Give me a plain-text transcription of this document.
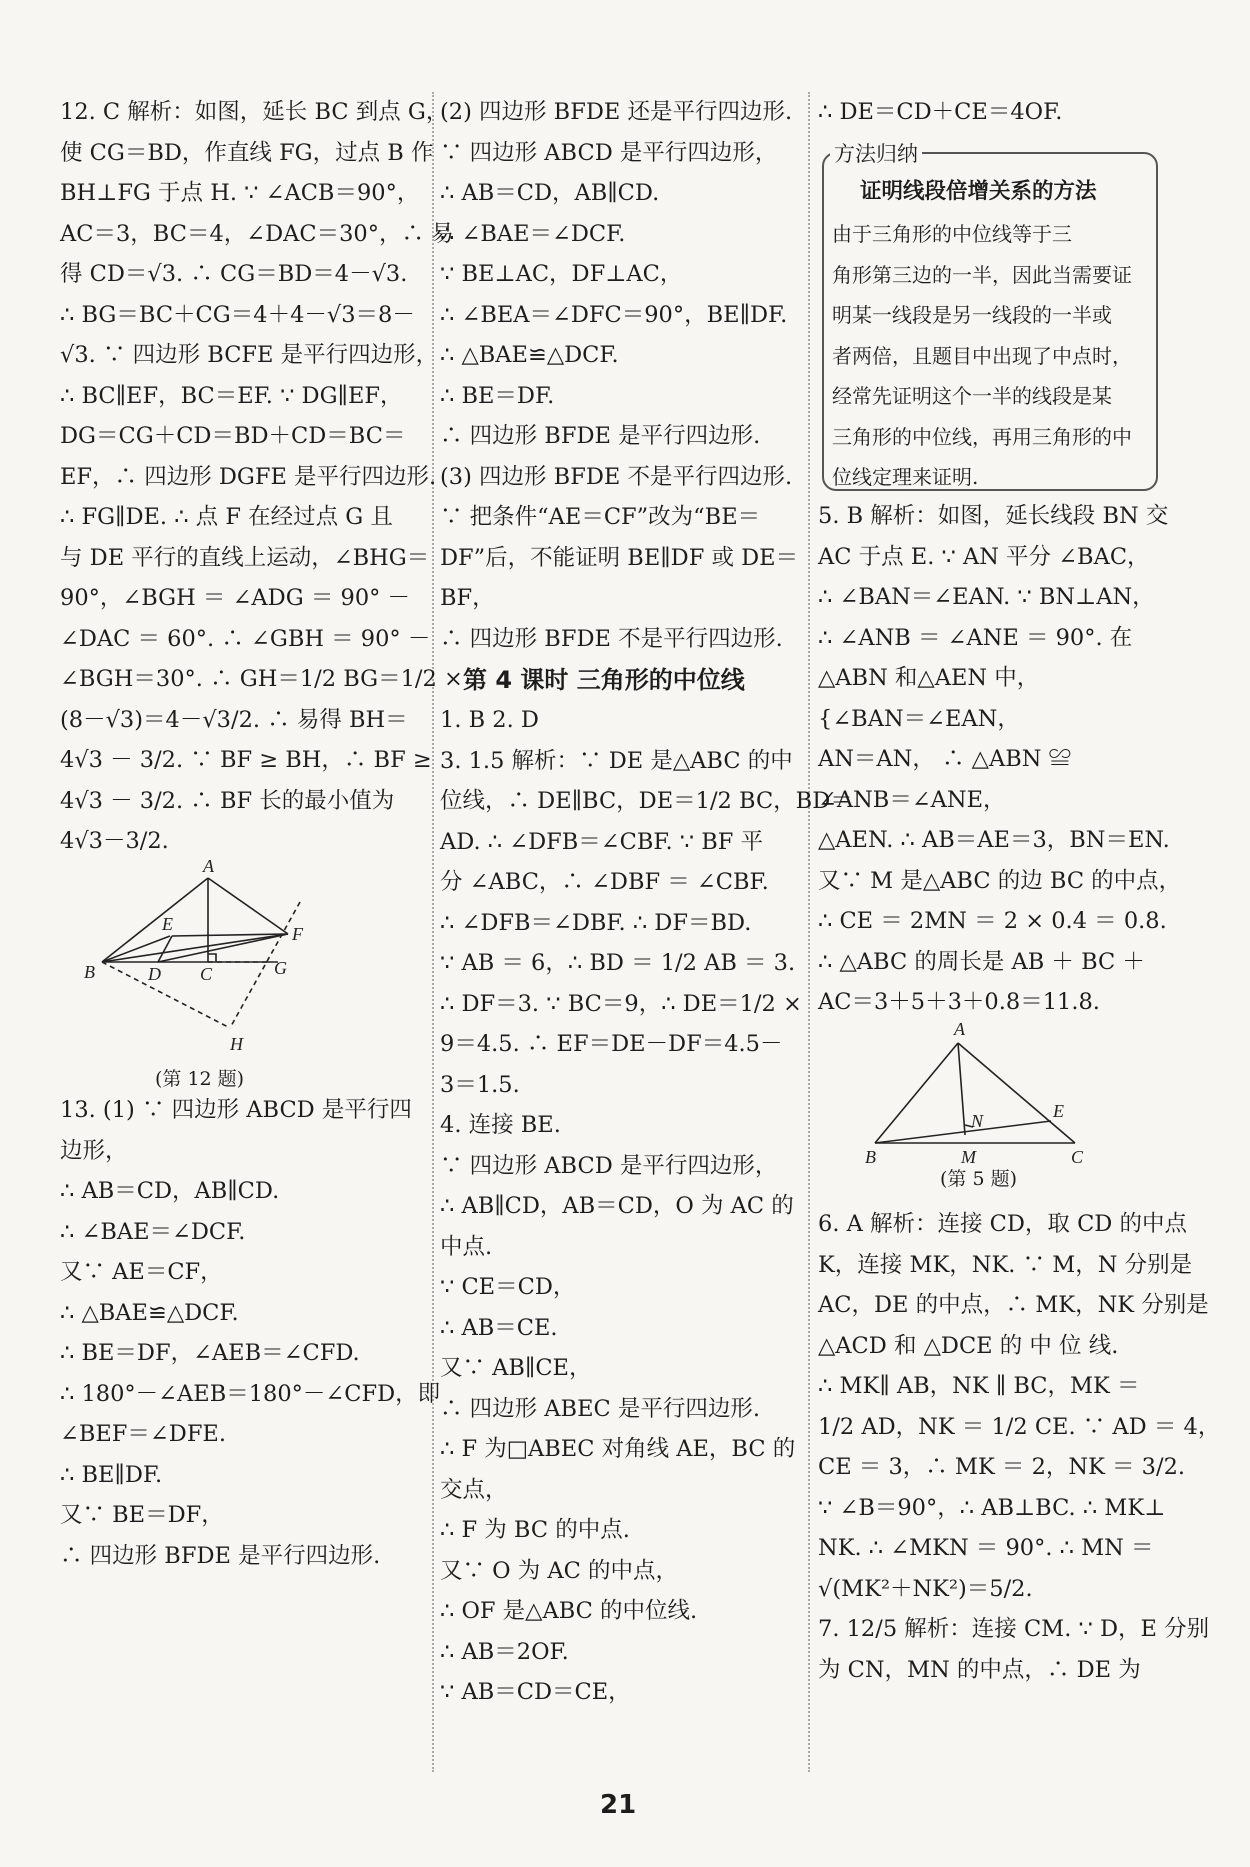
12. C 解析：如图，延长 BC 到点 G，

使 CG＝BD，作直线 FG，过点 B 作

BH⊥FG 于点 H. ∵ ∠ACB＝90°，

AC＝3，BC＝4，∠DAC＝30°，∴ 易

得 CD＝√3. ∴ CG＝BD＝4－√3.

∴ BG＝BC＋CG＝4＋4－√3＝8－

√3. ∵ 四边形 BCFE 是平行四边形，

∴ BC∥EF，BC＝EF. ∵ DG∥EF，

DG＝CG＋CD＝BD＋CD＝BC＝

EF，∴ 四边形 DGFE 是平行四边形.

∴ FG∥DE. ∴ 点 F 在经过点 G 且

与 DE 平行的直线上运动，∠BHG＝

90°，∠BGH ＝ ∠ADG ＝ 90° －

∠DAC ＝ 60°. ∴ ∠GBH ＝ 90° －

∠BGH＝30°. ∴ GH＝1/2 BG＝1/2 ×

(8－√3)＝4－√3/2. ∴ 易得 BH＝

4√3 － 3/2. ∵ BF ≥ BH，∴ BF ≥

4√3 － 3/2. ∴ BF 长的最小值为

4√3－3/2.

A
E	F
B	D C	G
H
(第 12 题)

13. (1) ∵ 四边形 ABCD 是平行四

边形，

∴ AB＝CD，AB∥CD.

∴ ∠BAE＝∠DCF.

又∵ AE＝CF，

∴ △BAE≌△DCF.

∴ BE＝DF，∠AEB＝∠CFD.

∴ 180°－∠AEB＝180°－∠CFD，即

∠BEF＝∠DFE.

∴ BE∥DF.

又∵ BE＝DF，

∴ 四边形 BFDE 是平行四边形.

(2) 四边形 BFDE 还是平行四边形.

∵ 四边形 ABCD 是平行四边形，

∴ AB＝CD，AB∥CD.

∴ ∠BAE＝∠DCF.

∵ BE⊥AC，DF⊥AC，

∴ ∠BEA＝∠DFC＝90°，BE∥DF.

∴ △BAE≌△DCF.

∴ BE＝DF.

∴ 四边形 BFDE 是平行四边形.

(3) 四边形 BFDE 不是平行四边形.

∵ 把条件“AE＝CF”改为“BE＝

DF”后，不能证明 BE∥DF 或 DE＝

BF，

∴ 四边形 BFDE 不是平行四边形.

第 4 课时 三角形的中位线

1. B 2. D

3. 1.5 解析：∵ DE 是△ABC 的中

位线，∴ DE∥BC，DE＝1/2 BC，BD＝

AD. ∴ ∠DFB＝∠CBF. ∵ BF 平

分 ∠ABC，∴ ∠DBF ＝ ∠CBF.

∴ ∠DFB＝∠DBF. ∴ DF＝BD.

∵ AB ＝ 6，∴ BD ＝ 1/2 AB ＝ 3.

∴ DF＝3. ∵ BC＝9，∴ DE＝1/2 ×

9＝4.5. ∴ EF＝DE－DF＝4.5－

3＝1.5.

4. 连接 BE.

∵ 四边形 ABCD 是平行四边形，

∴ AB∥CD，AB＝CD，O 为 AC 的

中点.

∵ CE＝CD，

∴ AB＝CE.

又∵ AB∥CE，

∴ 四边形 ABEC 是平行四边形.

∴ F 为□ABEC 对角线 AE，BC 的

交点，

∴ F 为 BC 的中点.

又∵ O 为 AC 的中点，

∴ OF 是△ABC 的中位线.

∴ AB＝2OF.

∵ AB＝CD＝CE，

∴ DE＝CD＋CE＝4OF.

方法归纳
证明线段倍增关系的方法

由于三角形的中位线等于三

角形第三边的一半，因此当需要证

明某一线段是另一线段的一半或

者两倍，且题目中出现了中点时，

经常先证明这个一半的线段是某

三角形的中位线，再用三角形的中

位线定理来证明.

5. B 解析：如图，延长线段 BN 交

AC 于点 E. ∵ AN 平分 ∠BAC，

∴ ∠BAN＝∠EAN. ∵ BN⊥AN，

∴ ∠ANB ＝ ∠ANE ＝ 90°. 在

△ABN 和△AEN 中，

{∠BAN＝∠EAN，

AN＝AN， ∴ △ABN ≌

∠ANB＝∠ANE，

△AEN. ∴ AB＝AE＝3，BN＝EN.

又∵ M 是△ABC 的边 BC 的中点，

∴ CE ＝ 2MN ＝ 2 × 0.4 ＝ 0.8.

∴ △ABC 的周长是 AB ＋ BC ＋

AC＝3＋5＋3＋0.8＝11.8.

A
N	E
B	M	C
(第 5 题)

6. A 解析：连接 CD，取 CD 的中点

K，连接 MK，NK. ∵ M，N 分别是

AC，DE 的中点，∴ MK，NK 分别是

△ACD 和 △DCE 的 中 位 线.

∴ MK∥ AB，NK ∥ BC，MK ＝

1/2 AD，NK ＝ 1/2 CE. ∵ AD ＝ 4，

CE ＝ 3，∴ MK ＝ 2，NK ＝ 3/2.

∵ ∠B＝90°，∴ AB⊥BC. ∴ MK⊥

NK. ∴ ∠MKN ＝ 90°. ∴ MN ＝

√(MK²＋NK²)＝5/2.

7. 12/5 解析：连接 CM. ∵ D，E 分别

为 CN，MN 的中点，∴ DE 为

21
